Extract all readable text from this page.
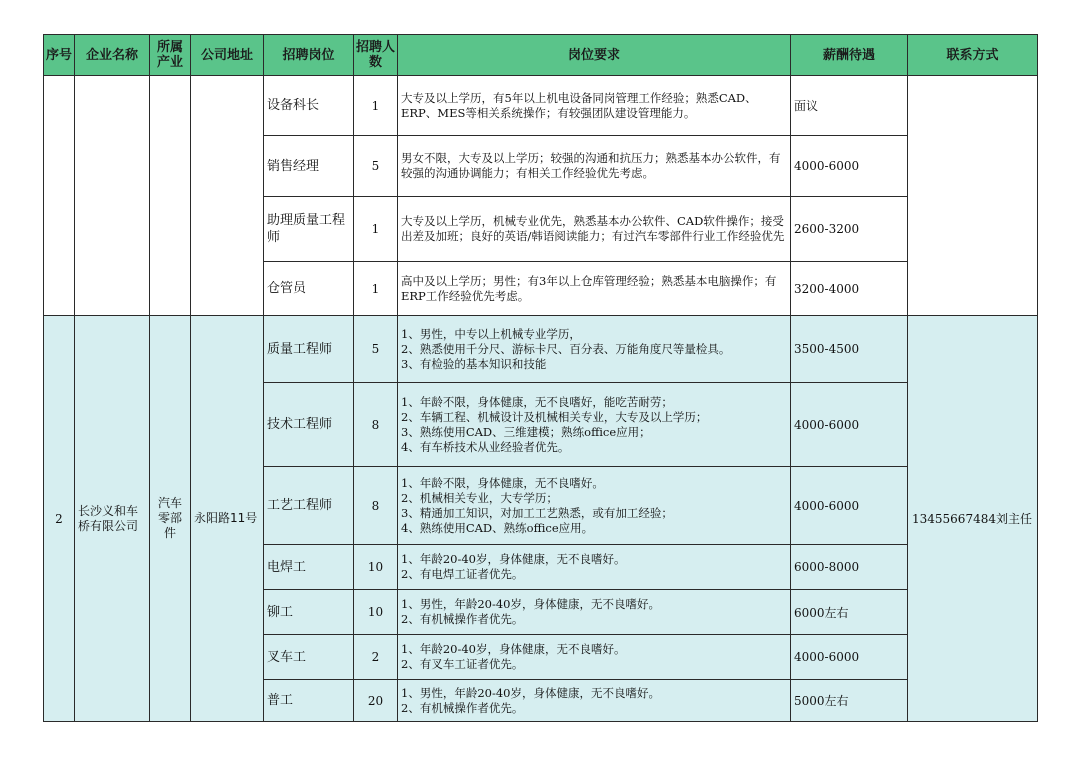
序号	企业名称	所属产业	公司地址	招聘岗位	招聘人数	岗位要求	薪酬待遇	联系方式

				设备科长	1	大专及以上学历，有5年以上机电设备同岗管理工作经验；熟悉CAD、ERP、MES等相关系统操作；有较强团队建设管理能力。	面议	

				销售经理	5	男女不限，大专及以上学历；较强的沟通和抗压力；熟悉基本办公软件，有较强的沟通协调能力；有相关工作经验优先考虑。	4000-6000	

				助理质量工程师	1	大专及以上学历，机械专业优先，熟悉基本办公软件、CAD软件操作；接受出差及加班；良好的英语/韩语阅读能力；有过汽车零部件行业工作经验优先	2600-3200	

				仓管员	1	高中及以上学历；男性；有3年以上仓库管理经验；熟悉基本电脑操作；有ERP工作经验优先考虑。	3200-4000	

2	长沙义和车桥有限公司	汽车零部件	永阳路11号	质量工程师	5	1、男性，中专以上机械专业学历，
2、熟悉使用千分尺、游标卡尺、百分表、万能角度尺等量检具。
3、有检验的基本知识和技能	3500-4500	13455667484刘主任

				技术工程师	8	1、年龄不限，身体健康，无不良嗜好，能吃苦耐劳；
2、车辆工程、机械设计及机械相关专业，大专及以上学历；
3、熟练使用CAD、三维建模；熟练office应用；
4、有车桥技术从业经验者优先。	4000-6000	

				工艺工程师	8	1、年龄不限，身体健康，无不良嗜好。
2、机械相关专业，大专学历；
3、精通加工知识，对加工工艺熟悉，或有加工经验；
4、熟练使用CAD、熟练office应用。	4000-6000	

				电焊工	10	1、年龄20-40岁，身体健康，无不良嗜好。
2、有电焊工证者优先。	6000-8000	

				铆工	10	1、男性，年龄20-40岁，身体健康，无不良嗜好。
2、有机械操作者优先。	6000左右	

				叉车工	2	1、年龄20-40岁，身体健康，无不良嗜好。
2、有叉车工证者优先。	4000-6000	

				普工	20	1、男性，年龄20-40岁，身体健康，无不良嗜好。
2、有机械操作者优先。	5000左右	
